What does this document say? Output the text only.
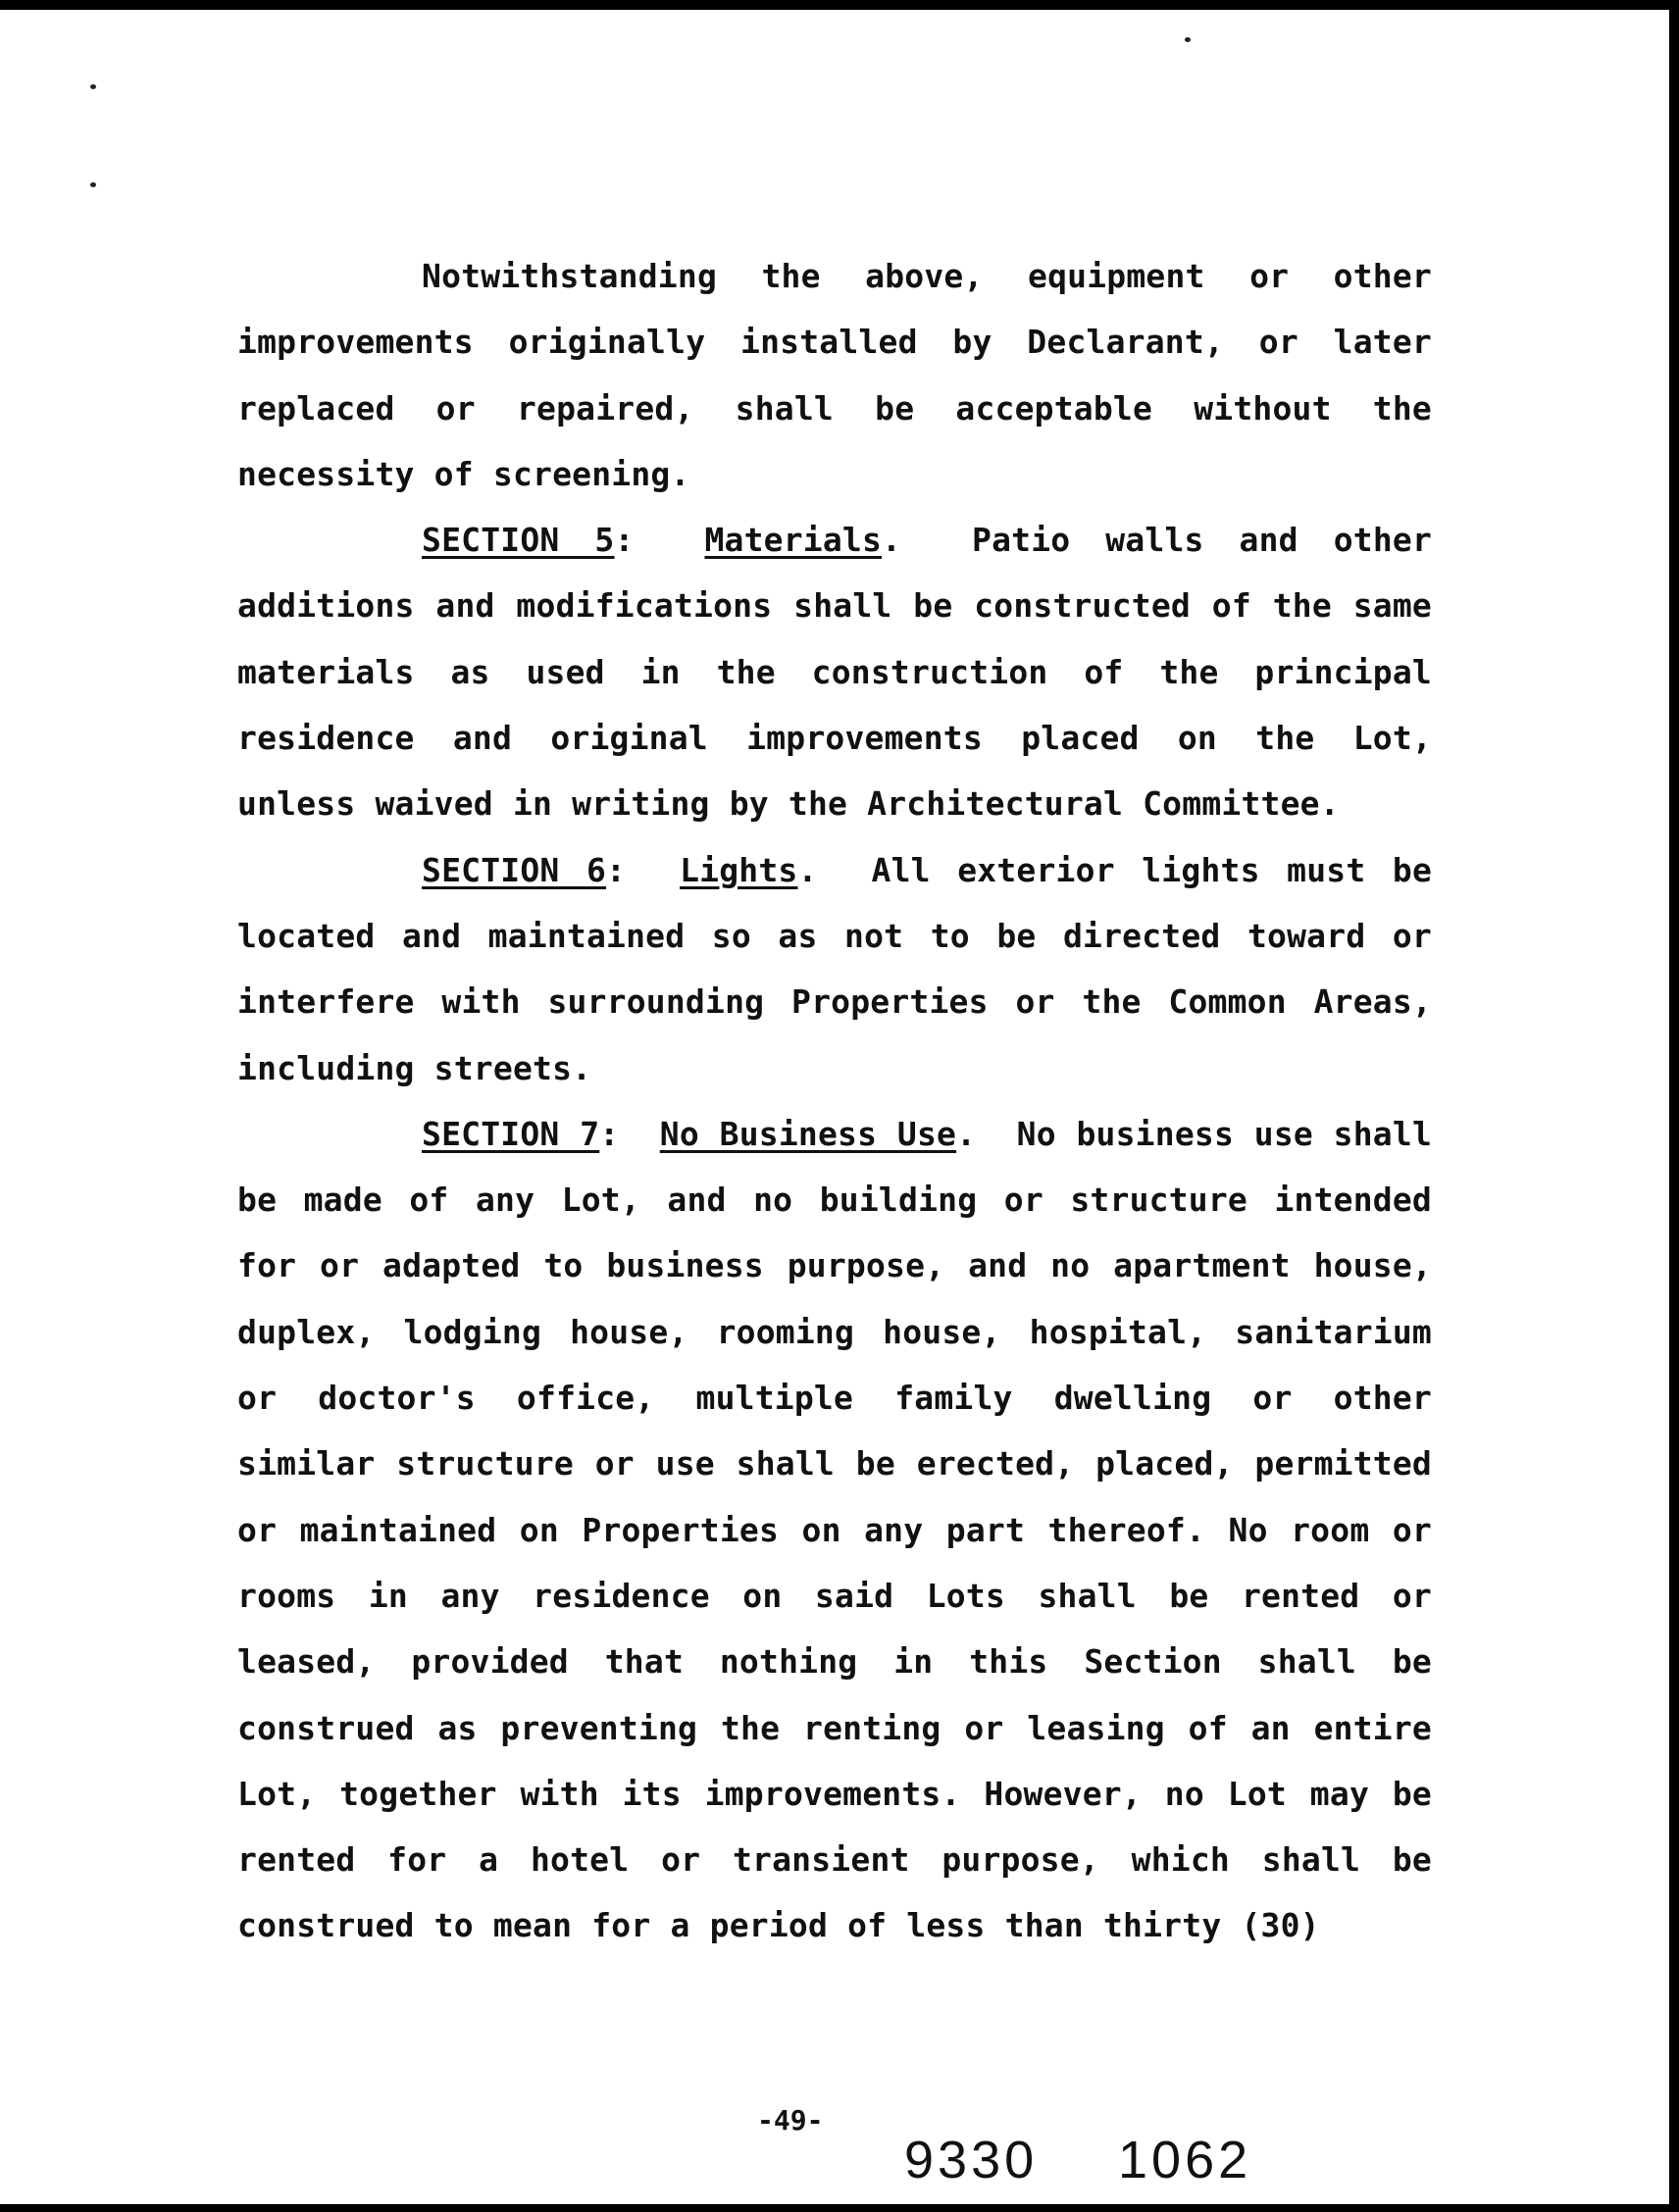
Notwithstanding the above, equipment or other improvements originally installed by Declarant, or later replaced or repaired, shall be acceptable without the necessity of screening.

SECTION 5:  Materials.  Patio walls and other additions and modifications shall be constructed of the same materials as used in the construction of the principal residence and original improvements placed on the Lot, unless waived in writing by the Architectural Committee.

SECTION 6:  Lights.  All exterior lights must be located and maintained so as not to be directed toward or interfere with surrounding Properties or the Common Areas, including streets.

SECTION 7:  No Business Use.  No business use shall be made of any Lot, and no building or structure intended for or adapted to business purpose, and no apartment house, duplex, lodging house, rooming house, hospital, sanitarium or doctor's office, multiple family dwelling or other similar structure or use shall be erected, placed, permitted or maintained on Properties on any part thereof. No room or rooms in any residence on said Lots shall be rented or leased, provided that nothing in this Section shall be construed as preventing the renting or leasing of an entire Lot, together with its improvements. However, no Lot may be rented for a hotel or transient purpose, which shall be construed to mean for a period of less than thirty (30)

-49-
9330 1062
